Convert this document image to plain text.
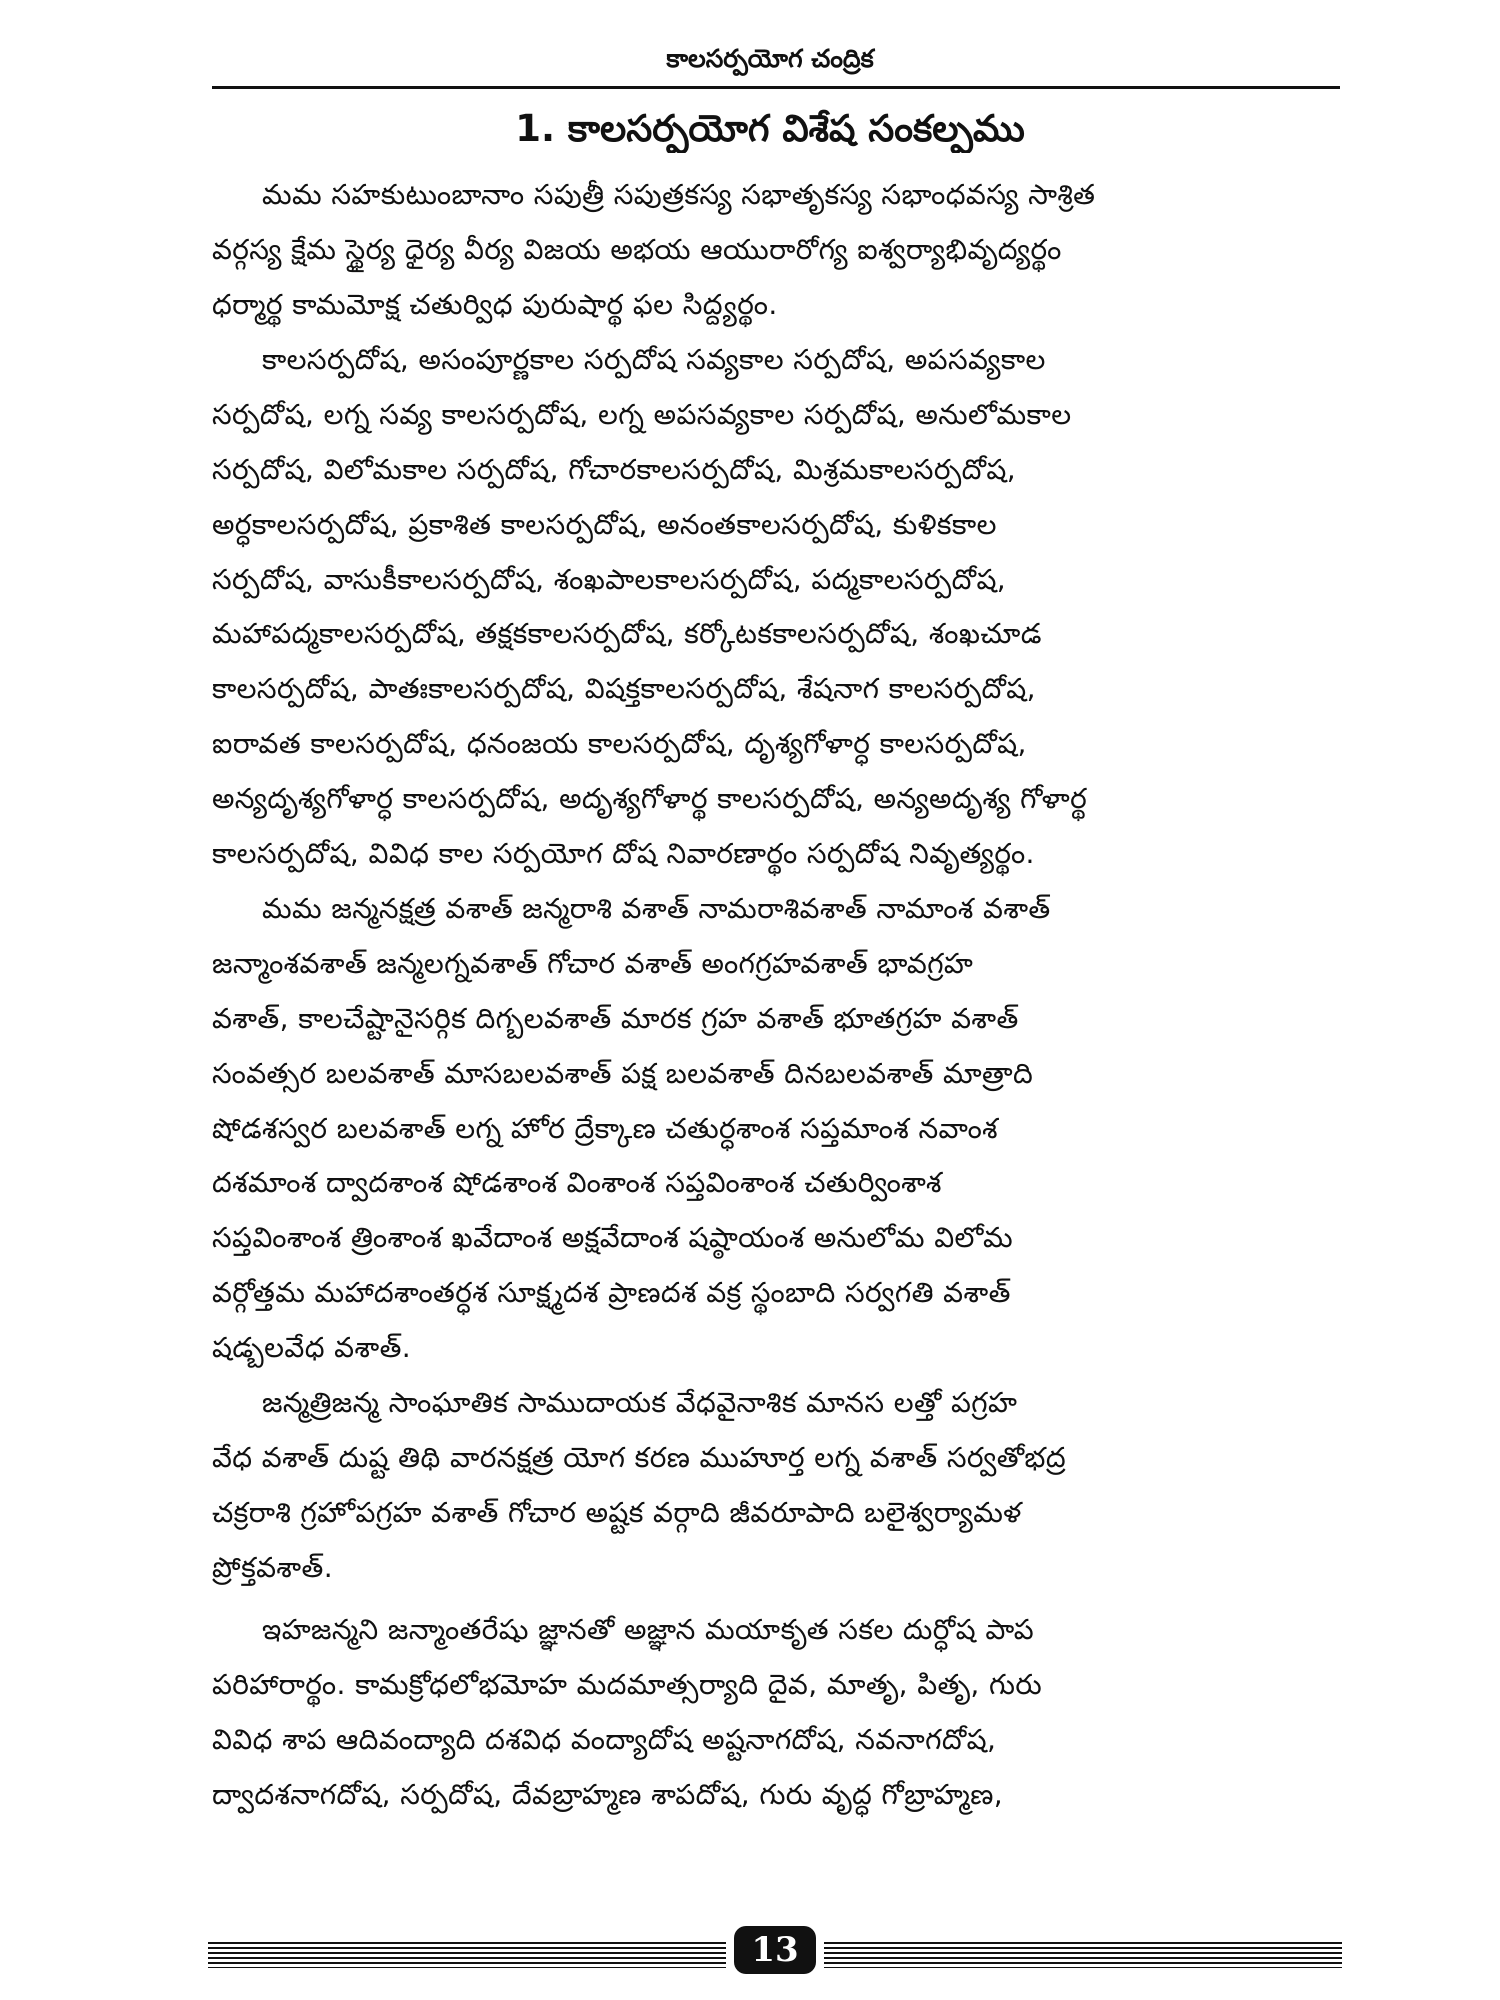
కాలసర్పయోగ చంద్రిక
1. కాలసర్పయోగ విశేష సంకల్పము
మమ సహకుటుంబానాం సపుత్రీ సపుత్రకస్య సభాతృకస్య సభాంధవస్య సాశ్రిత
వర్గస్య క్షేమ స్థైర్య ధైర్య వీర్య విజయ అభయ ఆయురారోగ్య ఐశ్వర్యాభివృద్యర్థం
ధర్మార్థ కామమోక్ష చతుర్విధ పురుషార్థ ఫల సిద్ద్యర్థం.
కాలసర్పదోష, అసంపూర్ణకాల సర్పదోష సవ్యకాల సర్పదోష, అపసవ్యకాల
సర్పదోష, లగ్న సవ్య కాలసర్పదోష, లగ్న అపసవ్యకాల సర్పదోష, అనులోమకాల
సర్పదోష, విలోమకాల సర్పదోష, గోచారకాలసర్పదోష, మిశ్రమకాలసర్పదోష,
అర్ధకాలసర్పదోష, ప్రకాశిత కాలసర్పదోష, అనంతకాలసర్పదోష, కుళికకాల
సర్పదోష, వాసుకీకాలసర్పదోష, శంఖపాలకాలసర్పదోష, పద్మకాలసర్పదోష,
మహాపద్మకాలసర్పదోష, తక్షకకాలసర్పదోష, కర్కోటకకాలసర్పదోష, శంఖచూడ
కాలసర్పదోష, పాతఃకాలసర్పదోష, విషక్తకాలసర్పదోష, శేషనాగ కాలసర్పదోష,
ఐరావత కాలసర్పదోష, ధనంజయ కాలసర్పదోష, దృశ్యగోళార్ధ కాలసర్పదోష,
అన్యదృశ్యగోళార్ధ కాలసర్పదోష, అదృశ్యగోళార్థ కాలసర్పదోష, అన్యఅదృశ్య గోళార్థ
కాలసర్పదోష, వివిధ కాల సర్పయోగ దోష నివారణార్థం సర్పదోష నివృత్యర్థం.
మమ జన్మనక్షత్ర వశాత్ జన్మరాశి వశాత్ నామరాశివశాత్ నామాంశ వశాత్
జన్మాంశవశాత్ జన్మలగ్నవశాత్ గోచార వశాత్ అంగగ్రహవశాత్ భావగ్రహ
వశాత్, కాలచేష్టానైసర్గిక దిగ్బలవశాత్ మారక గ్రహ వశాత్ భూతగ్రహ వశాత్
సంవత్సర బలవశాత్ మాసబలవశాత్ పక్ష బలవశాత్ దినబలవశాత్ మాత్రాది
షోడశస్వర బలవశాత్ లగ్న హోర ద్రేక్కాణ చతుర్ధశాంశ సప్తమాంశ నవాంశ
దశమాంశ ద్వాదశాంశ షోడశాంశ వింశాంశ సప్తవింశాంశ చతుర్వింశాశ
సప్తవింశాంశ త్రింశాంశ ఖవేదాంశ అక్షవేదాంశ షష్ఠాయంశ అనులోమ విలోమ
వర్గోత్తమ మహాదశాంతర్ధశ సూక్ష్మదశ ప్రాణదశ వక్ర స్థంబాది సర్వగతి వశాత్
షడ్బలవేధ వశాత్.
జన్మత్రిజన్మ సాంఘాతిక సాముదాయక వేధవైనాశిక మానస లత్తో పగ్రహ
వేధ వశాత్ దుష్ట తిథి వారనక్షత్ర యోగ కరణ ముహూర్త లగ్న వశాత్ సర్వతోభద్ర
చక్రరాశి గ్రహోపగ్రహ వశాత్ గోచార అష్టక వర్గాది జీవరూపాది బలైశ్వర్యామళ
ప్రోక్తవశాత్.
ఇహజన్మని జన్మాంతరేషు జ్ఞానతో అజ్ఞాన మయాకృత సకల దుర్ధోష పాప
పరిహారార్థం. కామక్రోధలోభమోహ మదమాత్సర్యాది దైవ, మాతృ, పితృ, గురు
వివిధ శాప ఆదివంద్యాది దశవిధ వంద్యాదోష అష్టనాగదోష, నవనాగదోష,
ద్వాదశనాగదోష, సర్పదోష, దేవబ్రాహ్మణ శాపదోష, గురు వృద్ధ గోబ్రాహ్మణ,
13
